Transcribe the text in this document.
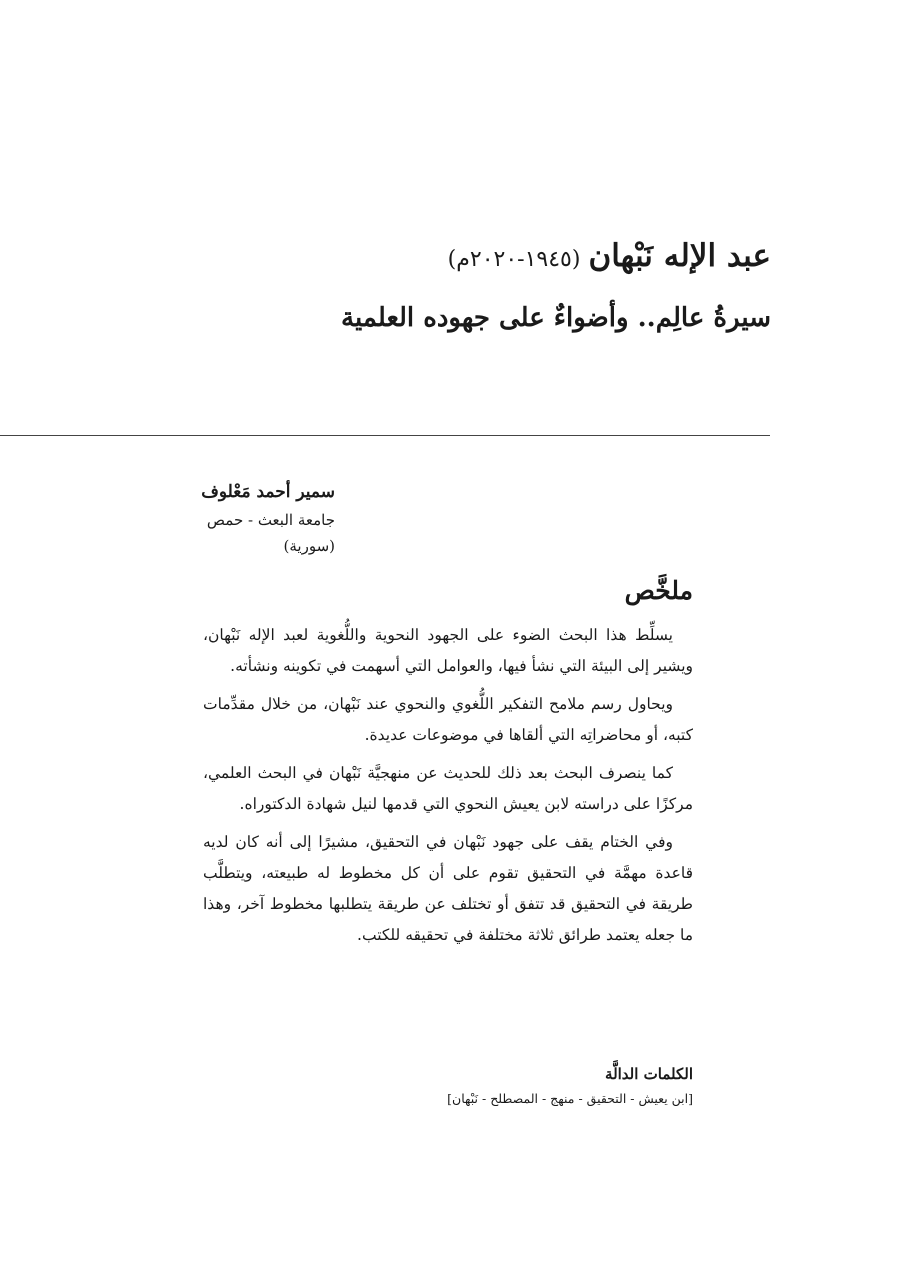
عبد الإله نَبْهان(١٩٤٥-٢٠٢٠م)
سيرةُ عالِم.. وأضواءٌ على جهوده العلمية
سمير أحمد مَعْلوف
جامعة البعث - حمص
(سورية)
ملخَّص

يسلِّط هذا البحث الضوء على الجهود النحوية واللُّغوية لعبد الإله نَبْهان، ويشير إلى البيئة التي نشأ فيها، والعوامل التي أسهمت في تكوينه ونشأته.

ويحاول رسم ملامح التفكير اللُّغوي والنحوي عند نَبْهان، من خلال مقدِّمات كتبه، أو محاضراتِه التي ألقاها في موضوعات عديدة.

كما ينصرف البحث بعد ذلك للحديث عن منهجيَّة نَبْهان في البحث العلمي، مركزًا على دراسته لابن يعيش النحوي التي قدمها لنيل شهادة الدكتوراه.

وفي الختام يقف على جهود نَبْهان في التحقيق، مشيرًا إلى أنه كان لديه قاعدة مهمَّة في التحقيق تقوم على أن كل مخطوط له طبيعته، ويتطلَّب طريقة في التحقيق قد تتفق أو تختلف عن طريقة يتطلبها مخطوط آخر، وهذا ما جعله يعتمد طرائق ثلاثة مختلفة في تحقيقه للكتب.

الكلمات الدالَّة
[ابن يعيش - التحقيق - منهج - المصطلح - نَبْهان]
